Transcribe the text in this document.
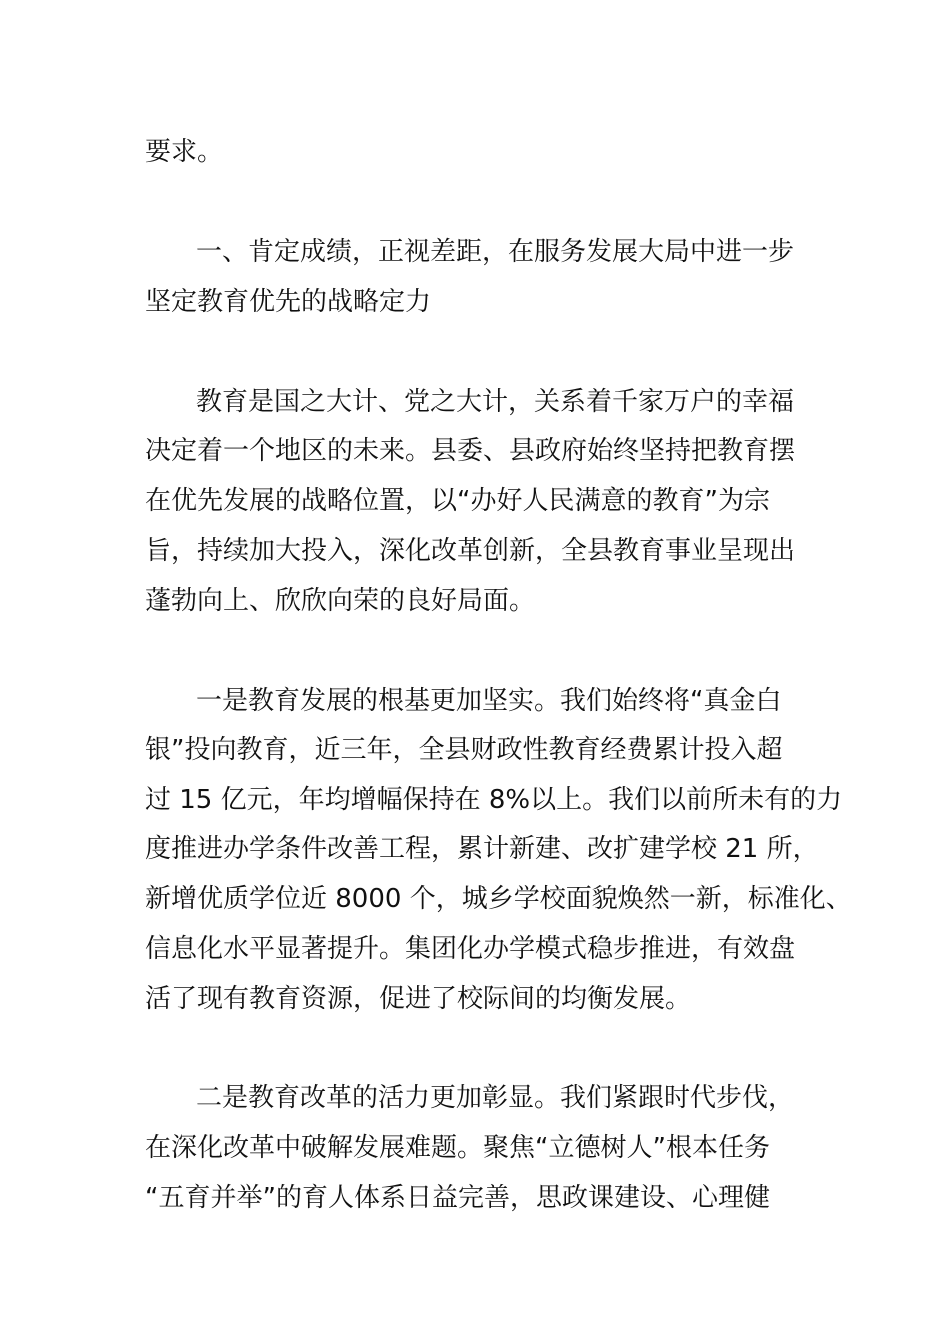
要求。

一、肯定成绩，正视差距，在服务发展大局中进一步

坚定教育优先的战略定力

教育是国之大计、党之大计，关系着千家万户的幸福

决定着一个地区的未来。县委、县政府始终坚持把教育摆

在优先发展的战略位置，以“办好人民满意的教育”为宗

旨，持续加大投入，深化改革创新，全县教育事业呈现出

蓬勃向上、欣欣向荣的良好局面。

一是教育发展的根基更加坚实。我们始终将“真金白

银”投向教育，近三年，全县财政性教育经费累计投入超

过 15 亿元，年均增幅保持在 8%以上。我们以前所未有的力

度推进办学条件改善工程，累计新建、改扩建学校 21 所，

新增优质学位近 8000 个，城乡学校面貌焕然一新，标准化、

信息化水平显著提升。集团化办学模式稳步推进，有效盘

活了现有教育资源，促进了校际间的均衡发展。

二是教育改革的活力更加彰显。我们紧跟时代步伐，

在深化改革中破解发展难题。聚焦“立德树人”根本任务

“五育并举”的育人体系日益完善，思政课建设、心理健
